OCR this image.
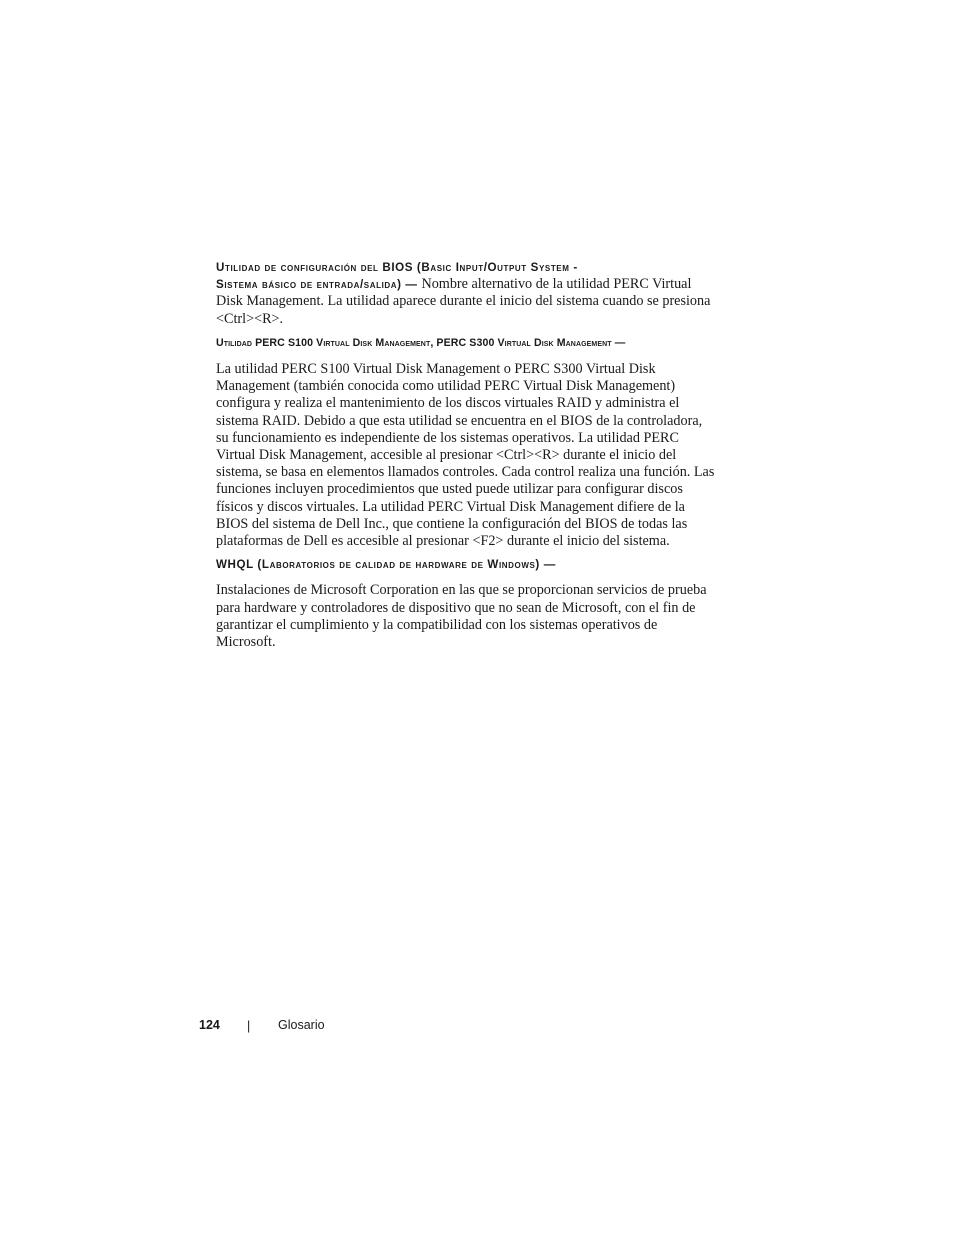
Utilidad de configuración del BIOS (Basic Input/Output System -
Sistema básico de entrada/salida) — Nombre alternativo de la utilidad PERC Virtual Disk Management. La utilidad aparece durante el inicio del sistema cuando se presiona <Ctrl><R>.

Utilidad PERC S100 Virtual Disk Management, PERC S300 Virtual Disk Management —

La utilidad PERC S100 Virtual Disk Management o PERC S300 Virtual Disk Management (también conocida como utilidad PERC Virtual Disk Management) configura y realiza el mantenimiento de los discos virtuales RAID y administra el sistema RAID. Debido a que esta utilidad se encuentra en el BIOS de la controladora, su funcionamiento es independiente de los sistemas operativos. La utilidad PERC Virtual Disk Management, accesible al presionar <Ctrl><R> durante el inicio del sistema, se basa en elementos llamados controles. Cada control realiza una función. Las funciones incluyen procedimientos que usted puede utilizar para configurar discos físicos y discos virtuales. La utilidad PERC Virtual Disk Management difiere de la BIOS del sistema de Dell Inc., que contiene la configuración del BIOS de todas las plataformas de Dell es accesible al presionar <F2> durante el inicio del sistema.

WHQL (Laboratorios de calidad de hardware de Windows) —

Instalaciones de Microsoft Corporation en las que se proporcionan servicios de prueba para hardware y controladores de dispositivo que no sean de Microsoft, con el fin de garantizar el cumplimiento y la compatibilidad con los sistemas operativos de Microsoft.

124 | Glosario
